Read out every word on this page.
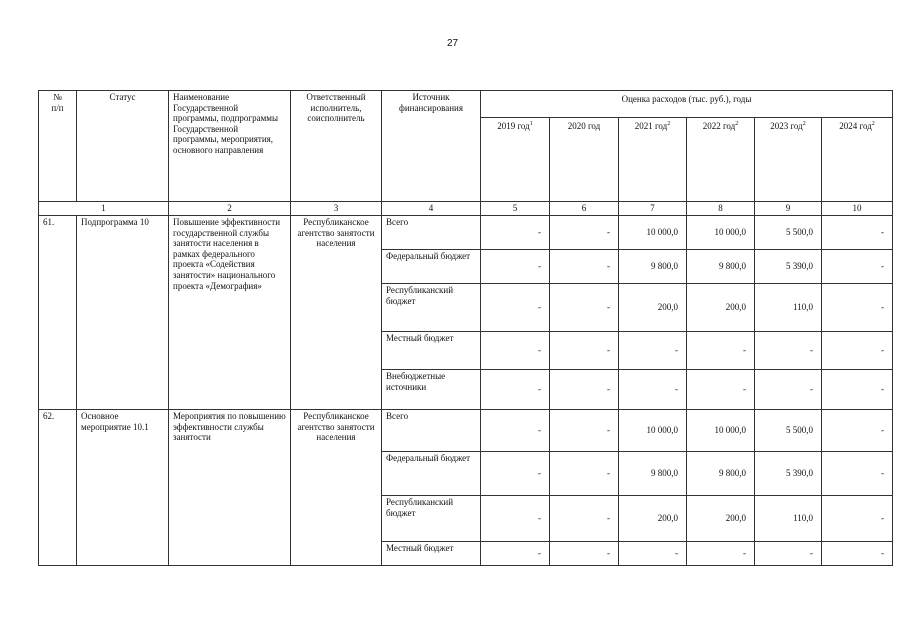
27
№
п/п	Статус	Наименование Государственной программы, подпрограммы Государственной программы, мероприятия, основного направления	Ответственный исполнитель, соисполнитель	Источник финансирования	Оценка расходов (тыс. руб.), годы					
					2019 год$^1$	2020 год	2021 год$^2$	2022 год$^2$	2023 год$^2$	2024 год$^2$
1		2	3	4	5	6	7	8	9	10
61.	Подпрограмма 10	Повышение эффективности государственной службы занятости населения в рамках федерального проекта «Содействия занятости» национального проекта «Демография»	Республиканское агентство занятости населения	Всего	-	-	10 000,0	10 000,0	5 500,0	-
				Федеральный бюджет	-	-	9 800,0	9 800,0	5 390,0	-
				Республиканский бюджет	-	-	200,0	200,0	110,0	-
				Местный бюджет	-	-	-	-	-	-
				Внебюджетные источники	-	-	-	-	-	-
62.	Основное мероприятие 10.1	Мероприятия по повышению эффективности службы занятости	Республиканское агентство занятости населения	Всего	-	-	10 000,0	10 000,0	5 500,0	-
				Федеральный бюджет	-	-	9 800,0	9 800,0	5 390,0	-
				Республиканский бюджет	-	-	200,0	200,0	110,0	-
				Местный бюджет	-	-	-	-	-	-
